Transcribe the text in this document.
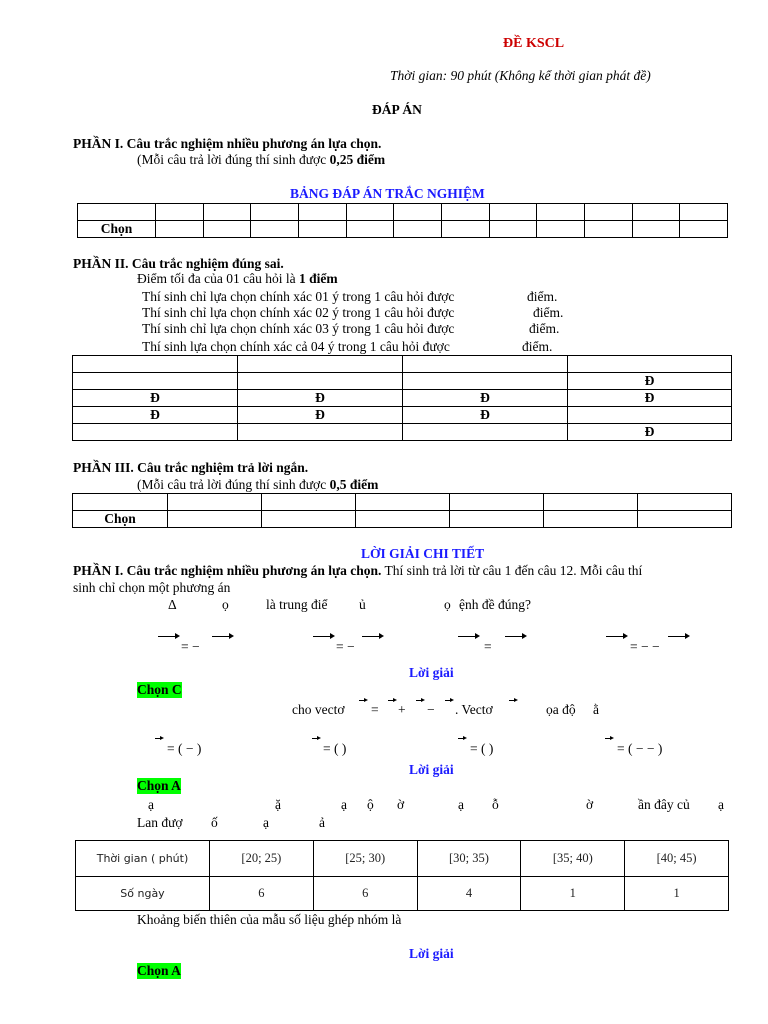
ĐỀ KSCL
Thời gian: 90 phút (Không kể thời gian phát đề)
ĐÁP ÁN
PHẦN I. Câu trắc nghiệm nhiều phương án lựa chọn.
(Mỗi câu trả lời đúng thí sinh được 0,25 điểm
BẢNG ĐÁP ÁN TRẮC NGHIỆM

Chọn												
PHẦN II. Câu trắc nghiệm đúng sai.
Điểm tối đa của 01 câu hỏi là 1 điểm
Thí sinh chỉ lựa chọn chính xác 01 ý trong 1 câu hỏi được	điểm.
Thí sinh chỉ lựa chọn chính xác 02 ý trong 1 câu hỏi được	điểm.
Thí sinh chỉ lựa chọn chính xác 03 ý trong 1 câu hỏi được	điểm.
Thí sinh lựa chọn chính xác cả 04 ý trong 1 câu hỏi được	điểm.

			Đ
Đ	Đ	Đ	Đ
Đ	Đ	Đ	
			Đ
PHẦN III. Câu trắc nghiệm trả lời ngắn.
(Mỗi câu trả lời đúng thí sinh được 0,5 điểm

Chọn						
LỜI GIẢI CHI TIẾT
PHẦN I. Câu trắc nghiệm nhiều phương án lựa chọn. Thí sinh trả lời từ câu 1 đến câu 12. Mỗi câu thí
sinh chỉ chọn một phương án
Δ	ọ	là trung điể ủ	ọ ệnh đề đúng?
= −	= −	=	= − −
Lời giải
Chọn C
cho vectơ = + − . Vectơ	ọa độ ằ
= ( − )	= ( )	= ( )	= ( − − )
Lời giải
Chọn A
ạ	ặ	ạ ộ ờ	ạ ỗ	ờ	ần đây củ ạ
Lan đượ ố	ạ	ả
Thời gian ( phút)	[20; 25)	[25; 30)	[30; 35)	[35; 40)	[40; 45)
Số ngày	6	6	4	1	1
Khoảng biến thiên của mẫu số liệu ghép nhóm là
Lời giải
Chọn A
